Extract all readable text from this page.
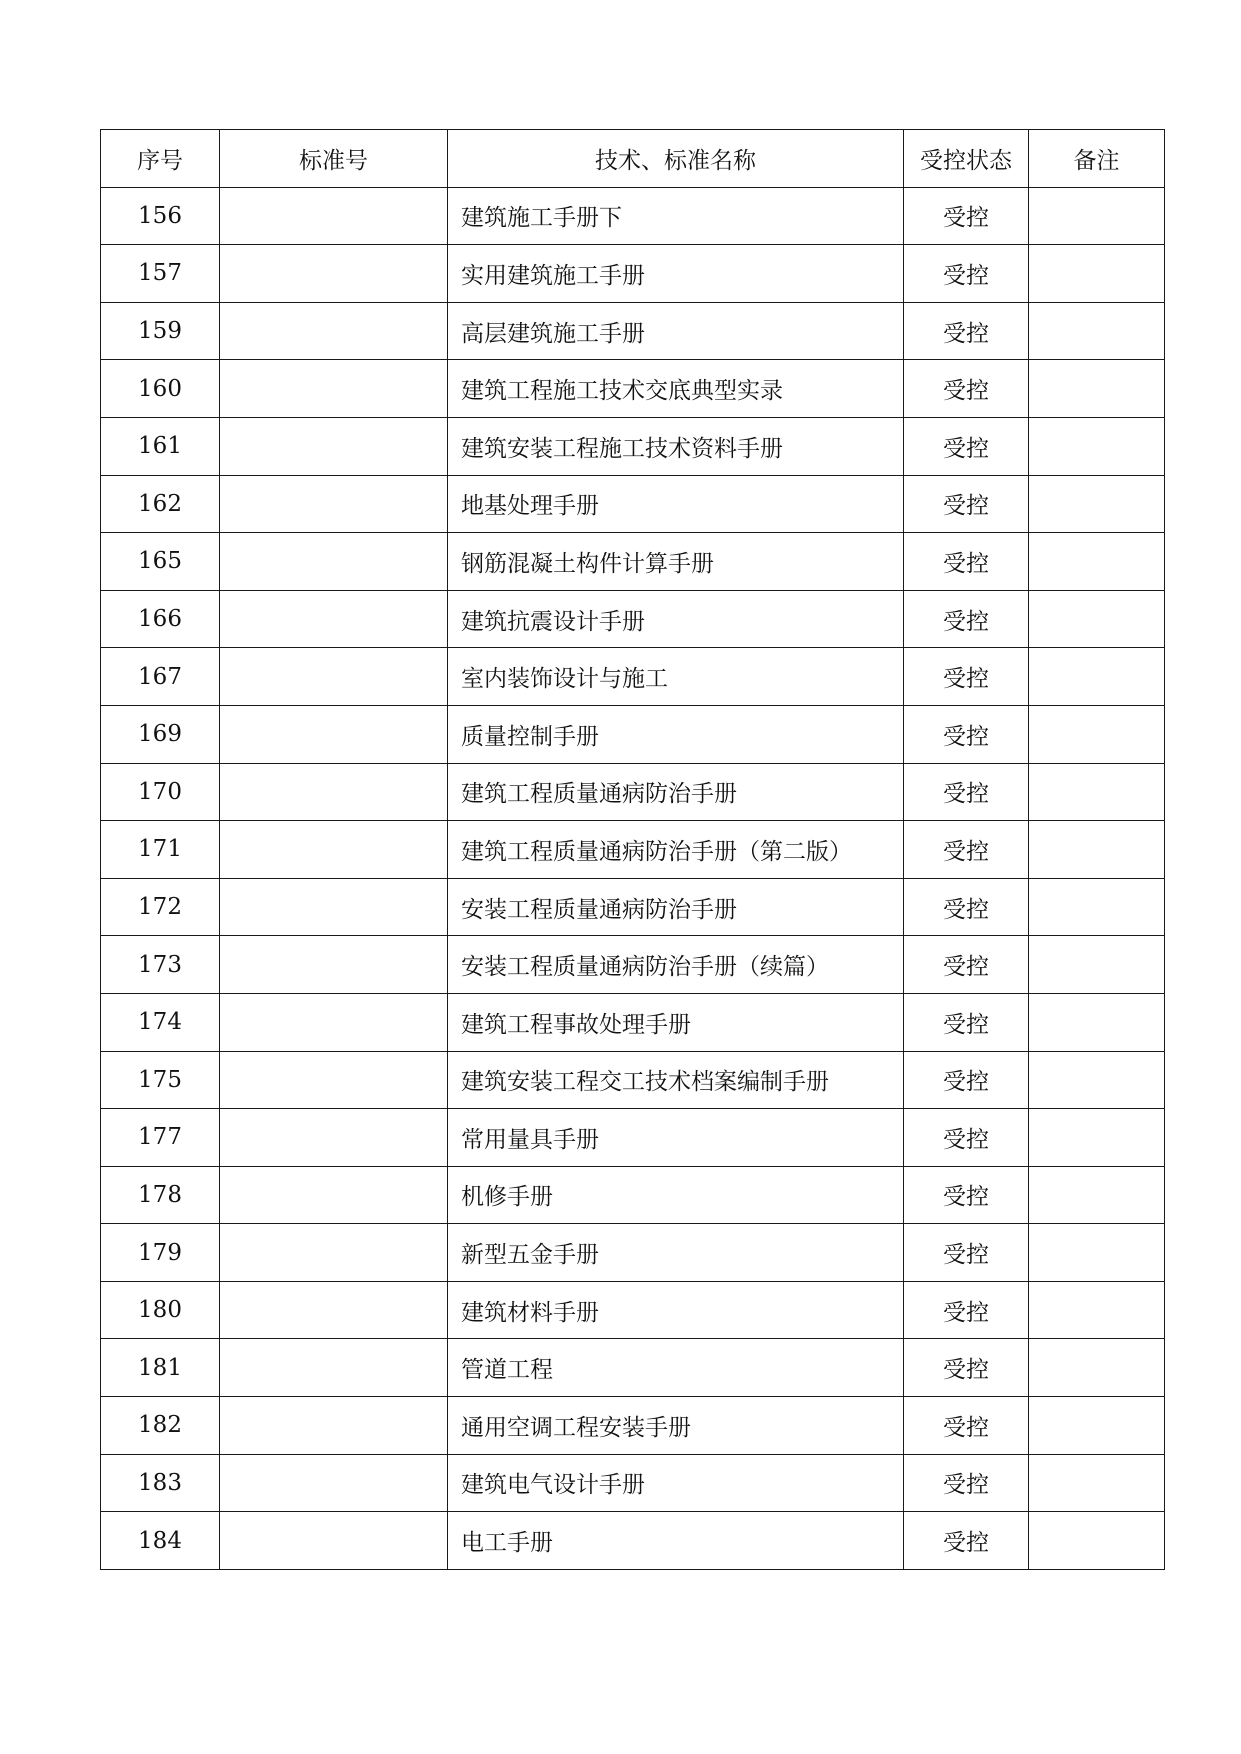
序号	标准号	技术、标准名称	受控状态	备注
156		建筑施工手册下	受控	
157		实用建筑施工手册	受控	
159		高层建筑施工手册	受控	
160		建筑工程施工技术交底典型实录	受控	
161		建筑安装工程施工技术资料手册	受控	
162		地基处理手册	受控	
165		钢筋混凝土构件计算手册	受控	
166		建筑抗震设计手册	受控	
167		室内装饰设计与施工	受控	
169		质量控制手册	受控	
170		建筑工程质量通病防治手册	受控	
171		建筑工程质量通病防治手册（第二版）	受控	
172		安装工程质量通病防治手册	受控	
173		安装工程质量通病防治手册（续篇）	受控	
174		建筑工程事故处理手册	受控	
175		建筑安装工程交工技术档案编制手册	受控	
177		常用量具手册	受控	
178		机修手册	受控	
179		新型五金手册	受控	
180		建筑材料手册	受控	
181		管道工程	受控	
182		通用空调工程安装手册	受控	
183		建筑电气设计手册	受控	
184		电工手册	受控	
